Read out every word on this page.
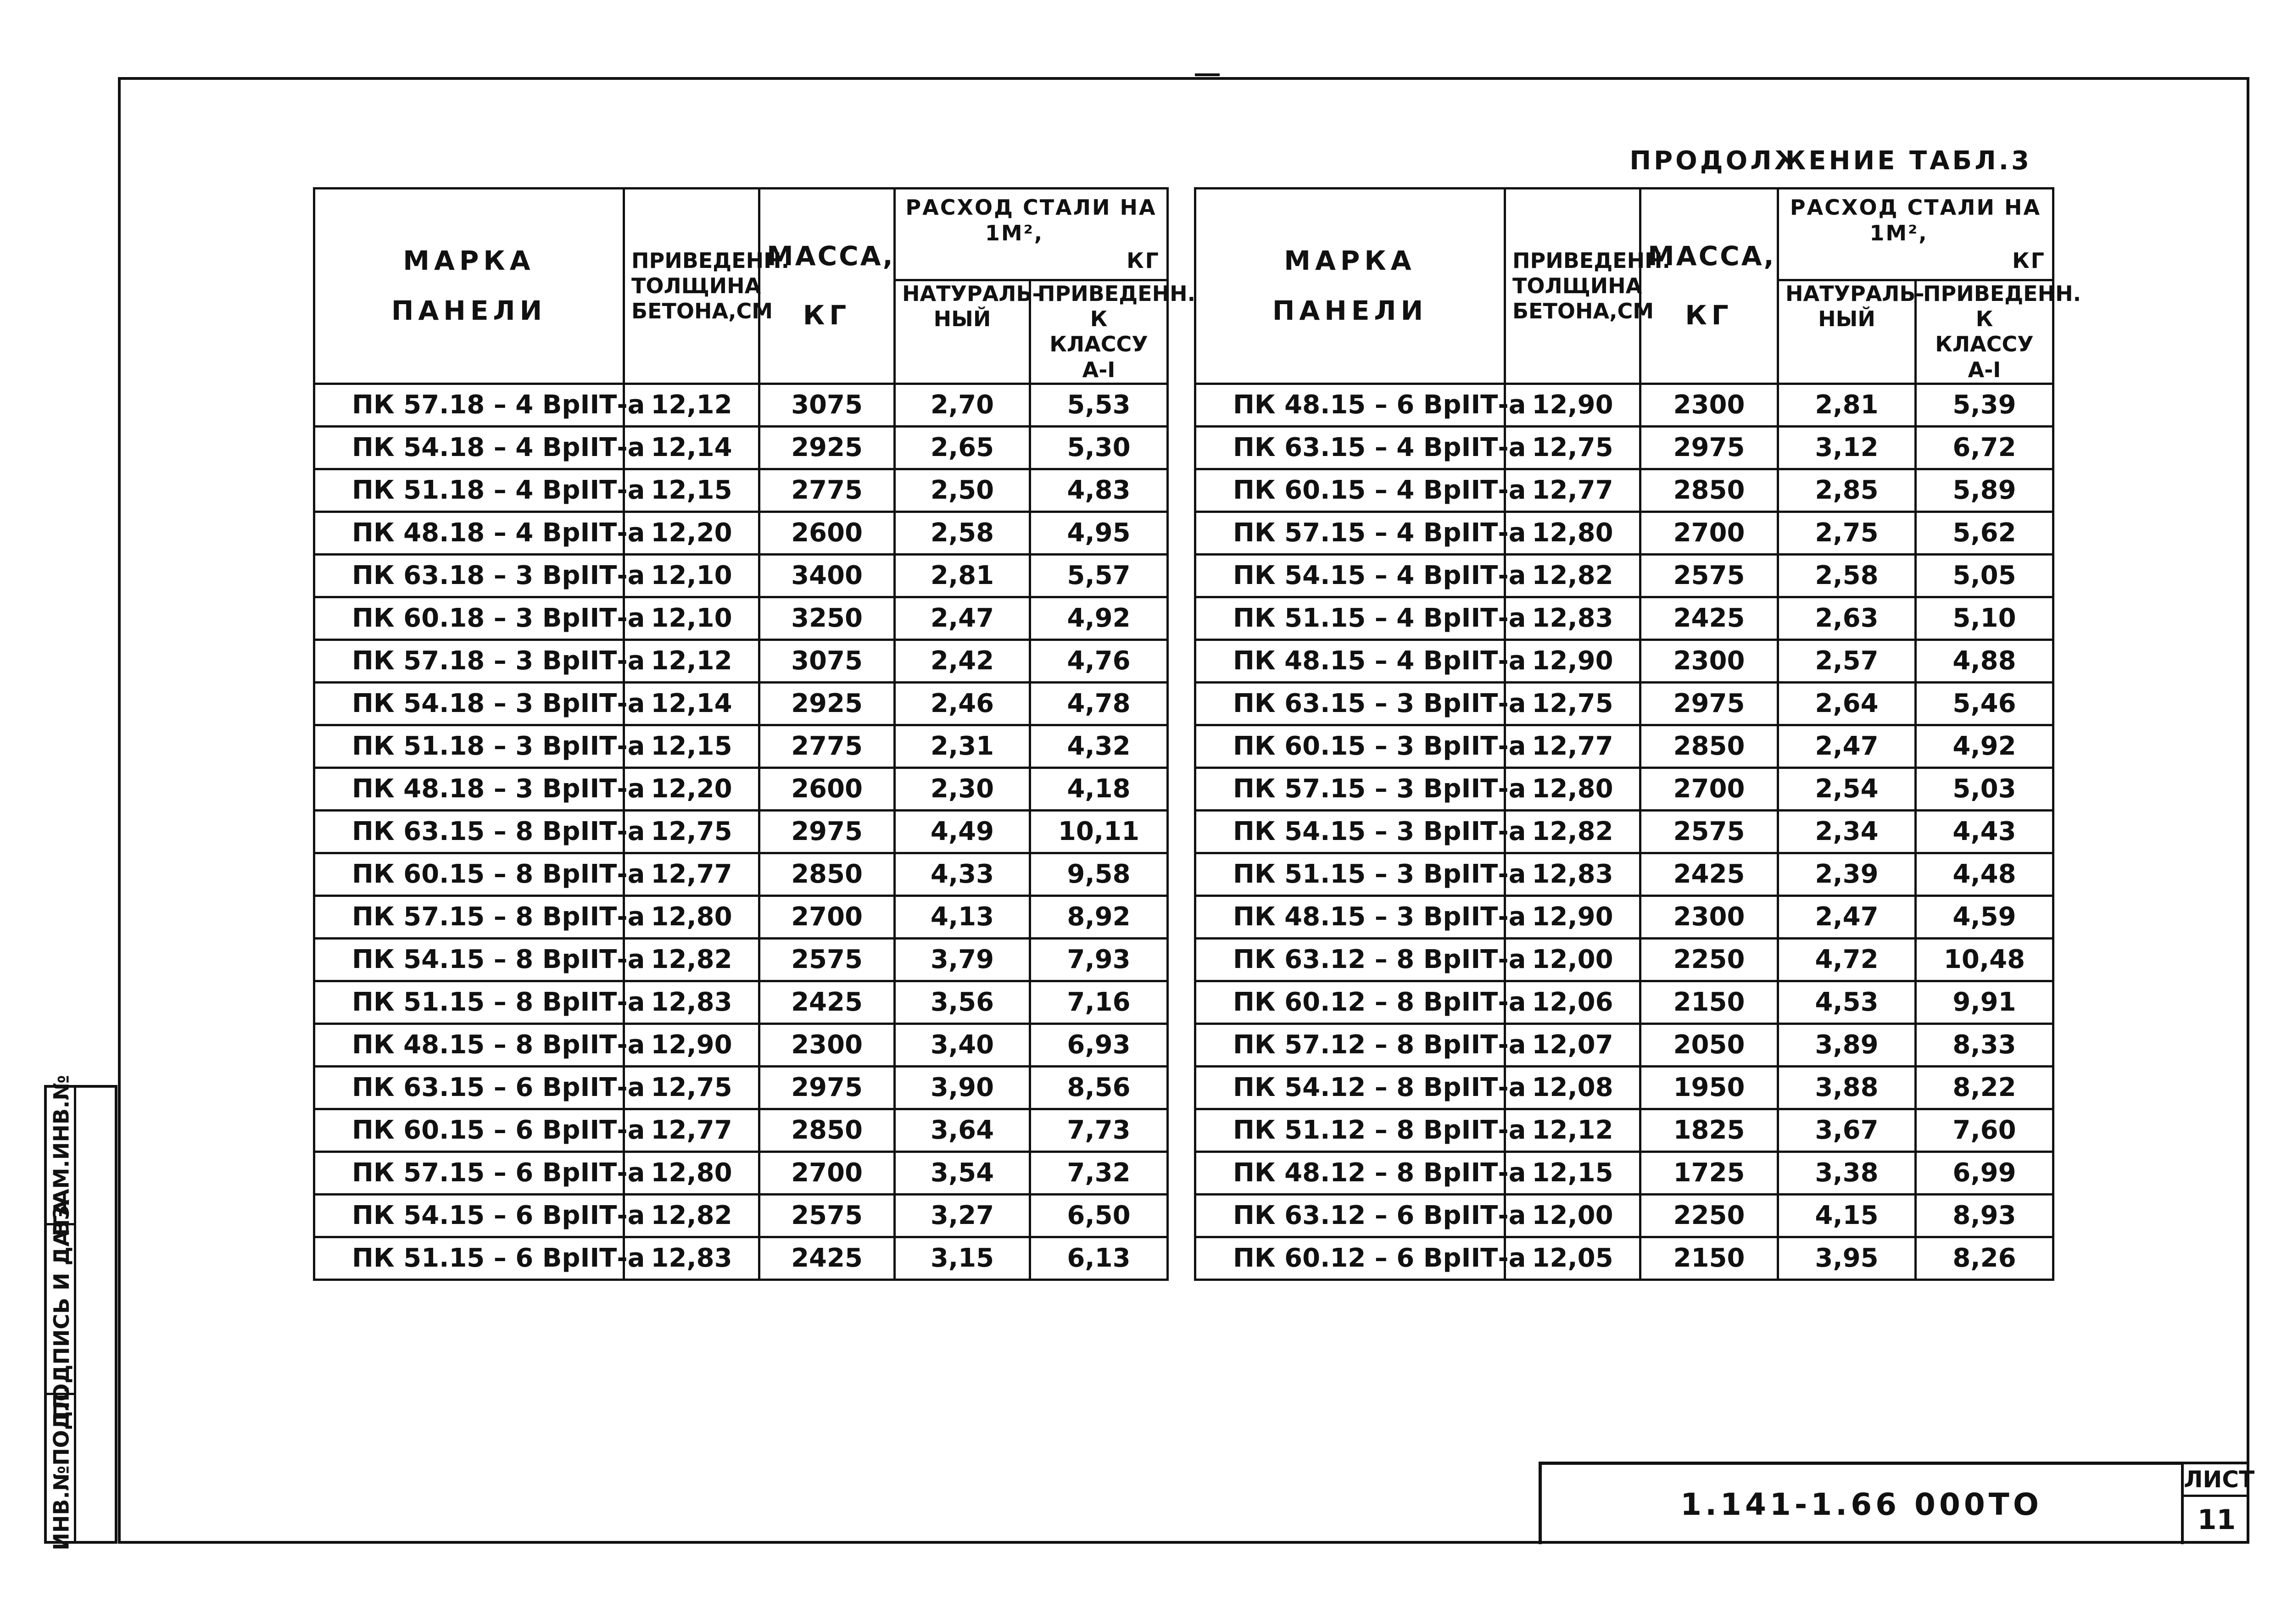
ПРОДОЛЖЕНИЕ ТАБЛ.3
МАРКА
ПАНЕЛИ	ПРИВЕДЕНН. ТОЛЩИНА БЕТОНА,СМ	МАССА,
КГ	РАСХОД СТАЛИ НА 1М²,
КГ	

			НАТУРАЛЬ-НЫЙ	ПРИВЕДЕНН. К КЛАССУ А-I
ПК 57.18 – 4 ВрIIТ-а	12,12	3075	2,70	5,53
ПК 54.18 – 4 ВрIIТ-а	12,14	2925	2,65	5,30
ПК 51.18 – 4 ВрIIТ-а	12,15	2775	2,50	4,83
ПК 48.18 – 4 ВрIIТ-а	12,20	2600	2,58	4,95
ПК 63.18 – 3 ВрIIТ-а	12,10	3400	2,81	5,57
ПК 60.18 – 3 ВрIIТ-а	12,10	3250	2,47	4,92
ПК 57.18 – 3 ВрIIТ-а	12,12	3075	2,42	4,76
ПК 54.18 – 3 ВрIIТ-а	12,14	2925	2,46	4,78
ПК 51.18 – 3 ВрIIТ-а	12,15	2775	2,31	4,32
ПК 48.18 – 3 ВрIIТ-а	12,20	2600	2,30	4,18
ПК 63.15 – 8 ВрIIТ-а	12,75	2975	4,49	10,11
ПК 60.15 – 8 ВрIIТ-а	12,77	2850	4,33	9,58
ПК 57.15 – 8 ВрIIТ-а	12,80	2700	4,13	8,92
ПК 54.15 – 8 ВрIIТ-а	12,82	2575	3,79	7,93
ПК 51.15 – 8 ВрIIТ-а	12,83	2425	3,56	7,16
ПК 48.15 – 8 ВрIIТ-а	12,90	2300	3,40	6,93
ПК 63.15 – 6 ВрIIТ-а	12,75	2975	3,90	8,56
ПК 60.15 – 6 ВрIIТ-а	12,77	2850	3,64	7,73
ПК 57.15 – 6 ВрIIТ-а	12,80	2700	3,54	7,32
ПК 54.15 – 6 ВрIIТ-а	12,82	2575	3,27	6,50
ПК 51.15 – 6 ВрIIТ-а	12,83	2425	3,15	6,13
МАРКА
ПАНЕЛИ	ПРИВЕДЕНН. ТОЛЩИНА БЕТОНА,СМ	МАССА,
КГ	РАСХОД СТАЛИ НА 1М²,
КГ	

			НАТУРАЛЬ-НЫЙ	ПРИВЕДЕНН. К КЛАССУ А-I
ПК 48.15 – 6 ВрIIТ-а	12,90	2300	2,81	5,39
ПК 63.15 – 4 ВрIIТ-а	12,75	2975	3,12	6,72
ПК 60.15 – 4 ВрIIТ-а	12,77	2850	2,85	5,89
ПК 57.15 – 4 ВрIIТ-а	12,80	2700	2,75	5,62
ПК 54.15 – 4 ВрIIТ-а	12,82	2575	2,58	5,05
ПК 51.15 – 4 ВрIIТ-а	12,83	2425	2,63	5,10
ПК 48.15 – 4 ВрIIТ-а	12,90	2300	2,57	4,88
ПК 63.15 – 3 ВрIIТ-а	12,75	2975	2,64	5,46
ПК 60.15 – 3 ВрIIТ-а	12,77	2850	2,47	4,92
ПК 57.15 – 3 ВрIIТ-а	12,80	2700	2,54	5,03
ПК 54.15 – 3 ВрIIТ-а	12,82	2575	2,34	4,43
ПК 51.15 – 3 ВрIIТ-а	12,83	2425	2,39	4,48
ПК 48.15 – 3 ВрIIТ-а	12,90	2300	2,47	4,59
ПК 63.12 – 8 ВрIIТ-а	12,00	2250	4,72	10,48
ПК 60.12 – 8 ВрIIТ-а	12,06	2150	4,53	9,91
ПК 57.12 – 8 ВрIIТ-а	12,07	2050	3,89	8,33
ПК 54.12 – 8 ВрIIТ-а	12,08	1950	3,88	8,22
ПК 51.12 – 8 ВрIIТ-а	12,12	1825	3,67	7,60
ПК 48.12 – 8 ВрIIТ-а	12,15	1725	3,38	6,99
ПК 63.12 – 6 ВрIIТ-а	12,00	2250	4,15	8,93
ПК 60.12 – 6 ВрIIТ-а	12,05	2150	3,95	8,26
1.141-1.66 000ТО
ЛИСТ
11
ВЗАМ.ИНВ.№
ПОДПИСЬ И ДАТА
ИНВ.№ПОДЛ.
